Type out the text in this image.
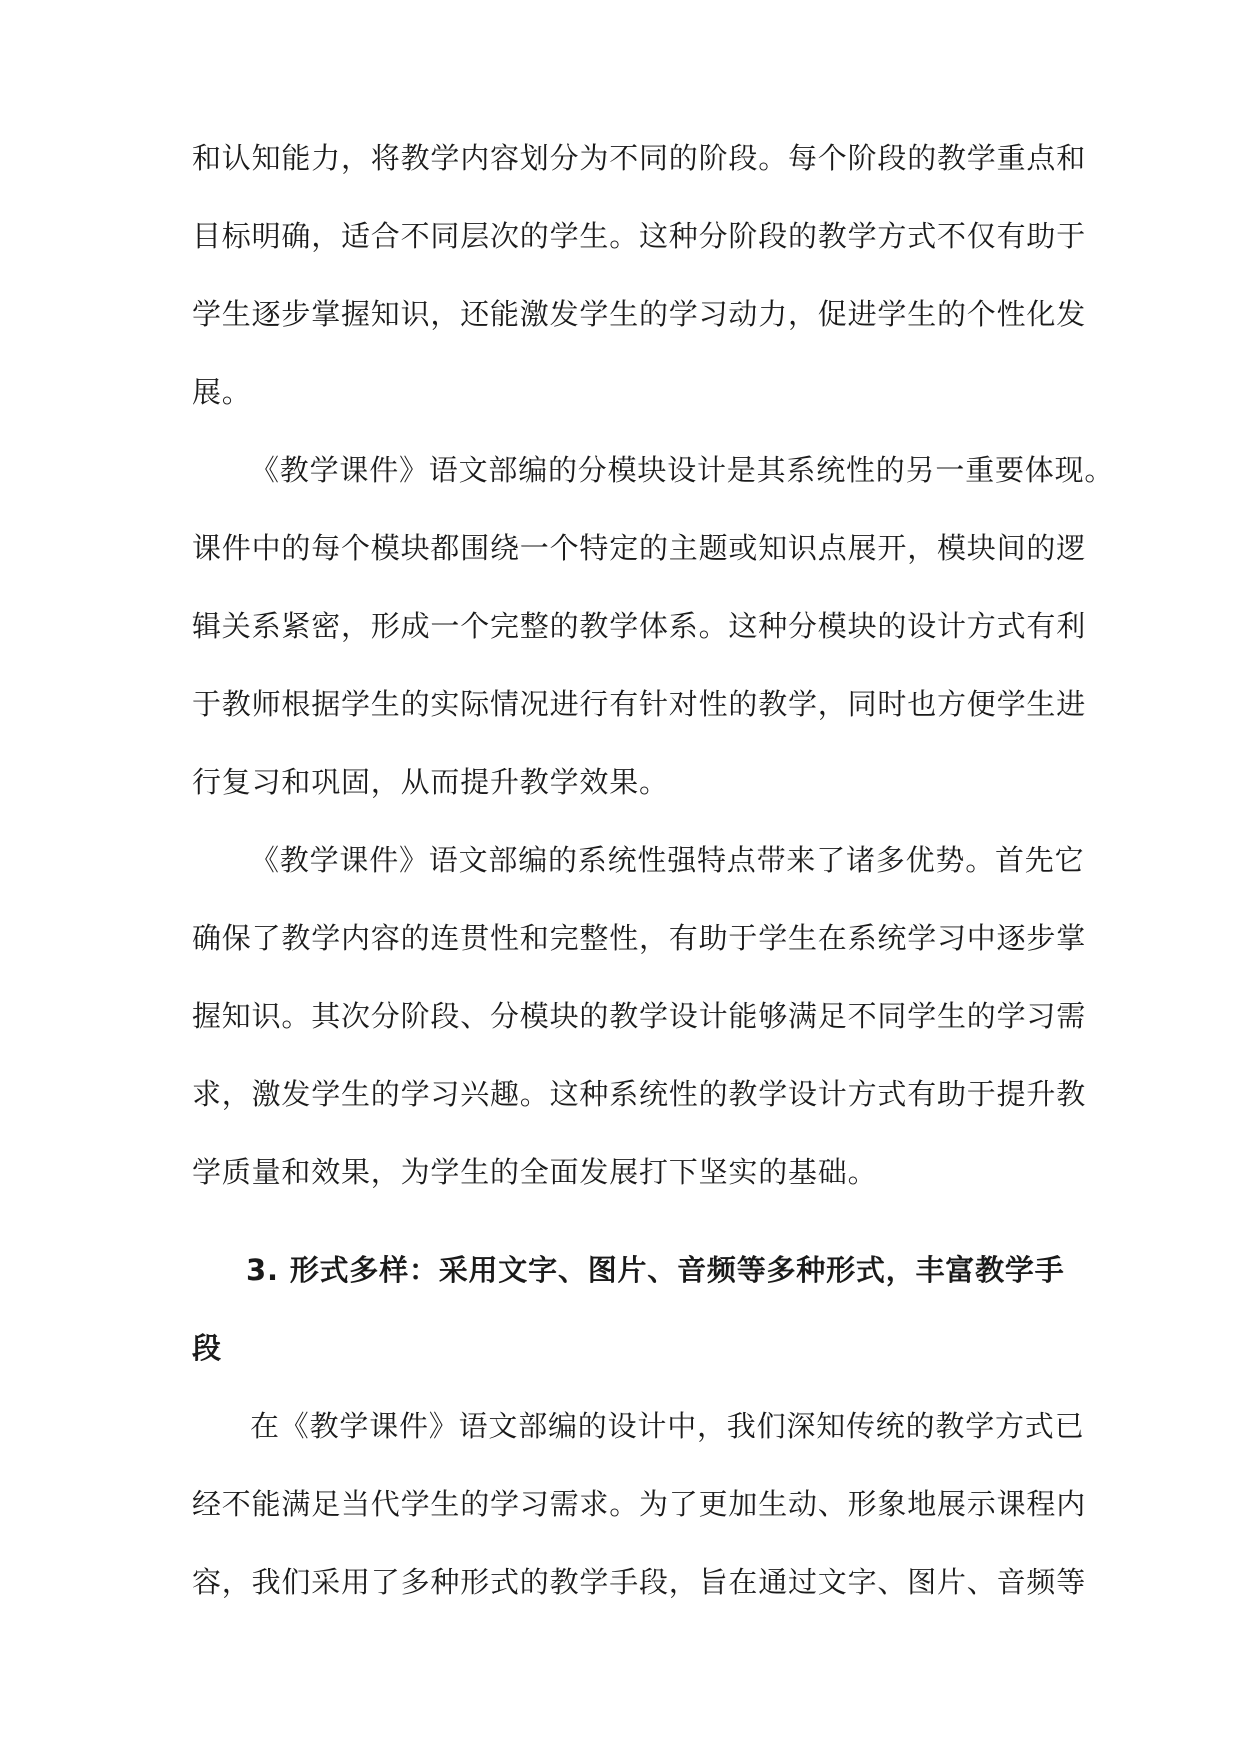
和认知能力，将教学内容划分为不同的阶段。每个阶段的教学重点和
目标明确，适合不同层次的学生。这种分阶段的教学方式不仅有助于
学生逐步掌握知识，还能激发学生的学习动力，促进学生的个性化发
展。
《教学课件》语文部编的分模块设计是其系统性的另一重要体现。
课件中的每个模块都围绕一个特定的主题或知识点展开，模块间的逻
辑关系紧密，形成一个完整的教学体系。这种分模块的设计方式有利
于教师根据学生的实际情况进行有针对性的教学，同时也方便学生进
行复习和巩固，从而提升教学效果。
《教学课件》语文部编的系统性强特点带来了诸多优势。首先它
确保了教学内容的连贯性和完整性，有助于学生在系统学习中逐步掌
握知识。其次分阶段、分模块的教学设计能够满足不同学生的学习需
求，激发学生的学习兴趣。这种系统性的教学设计方式有助于提升教
学质量和效果，为学生的全面发展打下坚实的基础。
3. 形式多样：采用文字、图片、音频等多种形式，丰富教学手
段
在《教学课件》语文部编的设计中，我们深知传统的教学方式已
经不能满足当代学生的学习需求。为了更加生动、形象地展示课程内
容，我们采用了多种形式的教学手段，旨在通过文字、图片、音频等
